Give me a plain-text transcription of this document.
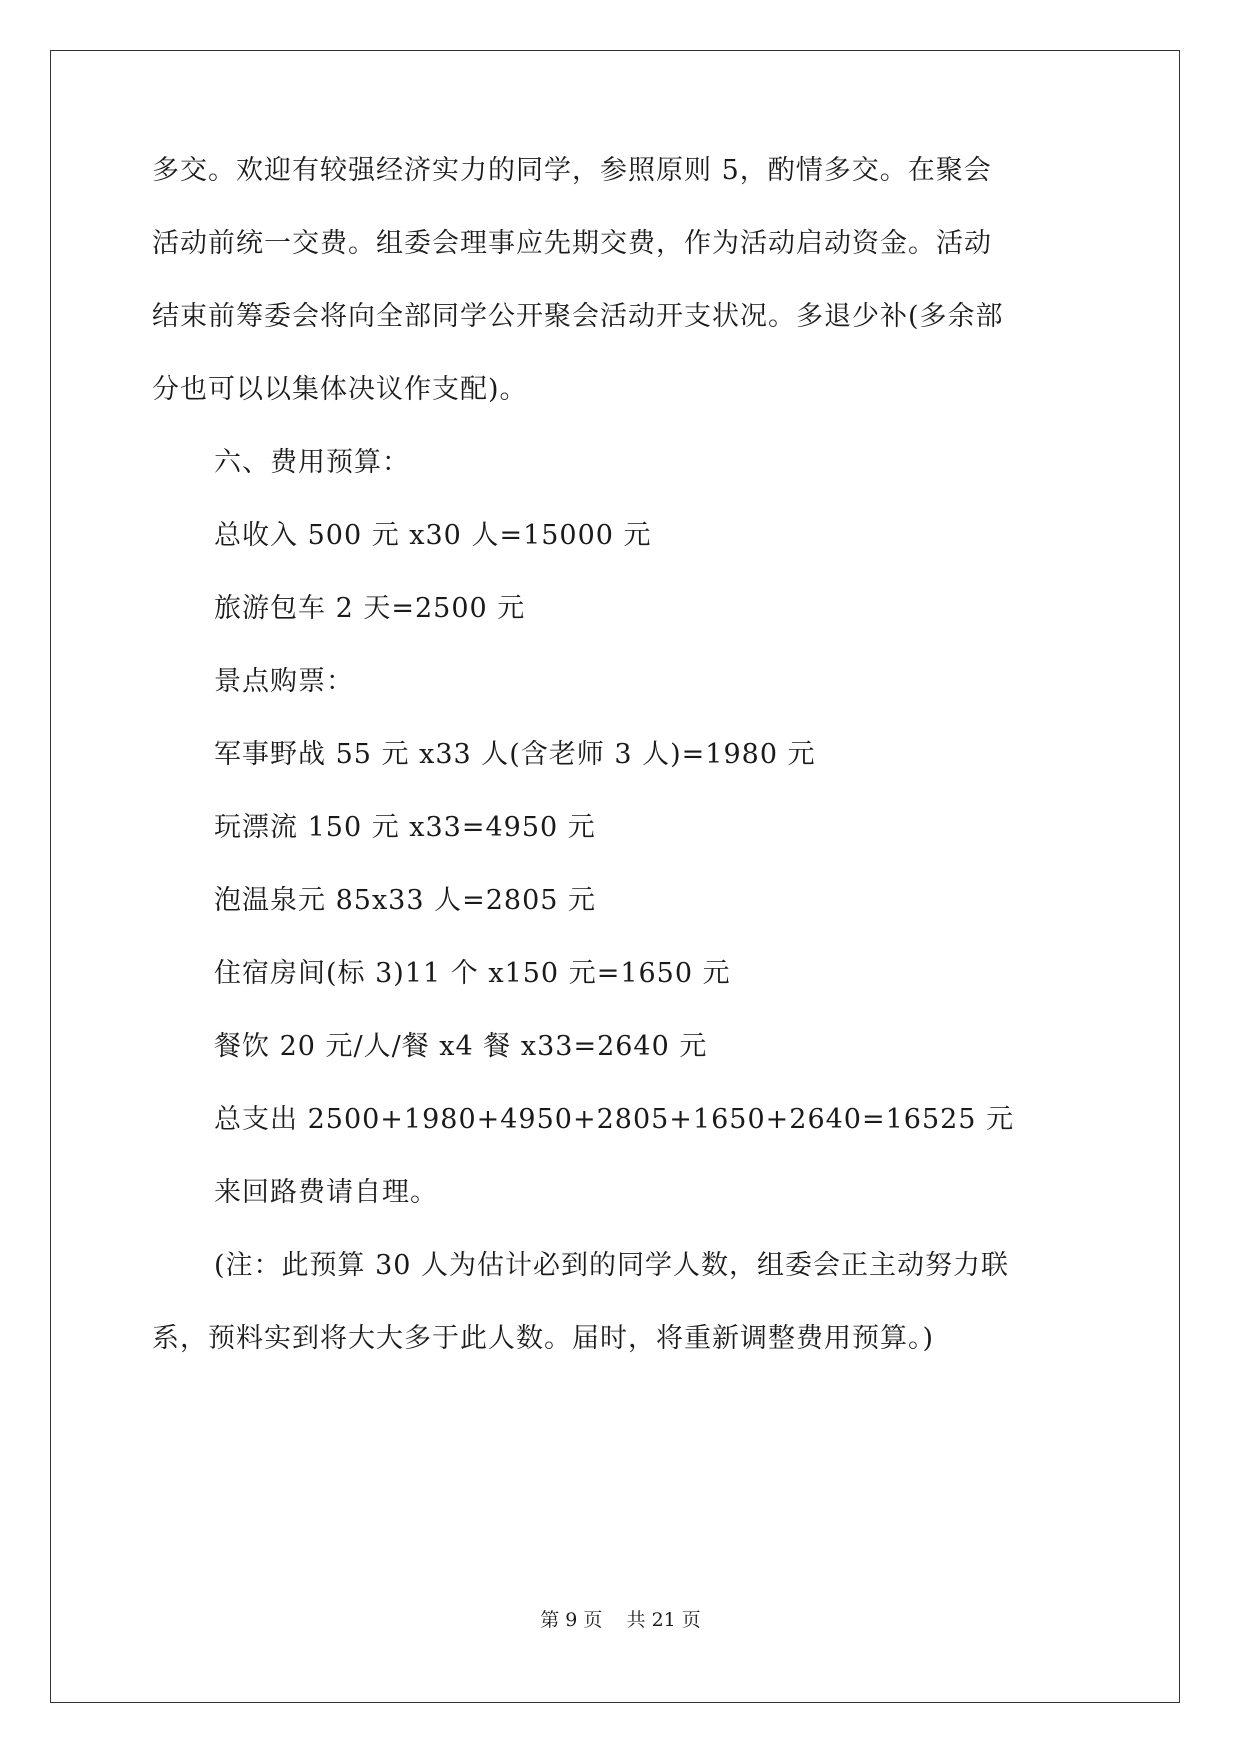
多交。欢迎有较强经济实力的同学，参照原则 5，酌情多交。在聚会
活动前统一交费。组委会理事应先期交费，作为活动启动资金。活动
结束前筹委会将向全部同学公开聚会活动开支状况。多退少补(多余部
分也可以以集体决议作支配)。
六、费用预算：
总收入 500 元 x30 人=15000 元
旅游包车 2 天=2500 元
景点购票：
军事野战 55 元 x33 人(含老师 3 人)=1980 元
玩漂流 150 元 x33=4950 元
泡温泉元 85x33 人=2805 元
住宿房间(标 3)11 个 x150 元=1650 元
餐饮 20 元/人/餐 x4 餐 x33=2640 元
总支出 2500+1980+4950+2805+1650+2640=16525 元
来回路费请自理。
(注：此预算 30 人为估计必到的同学人数，组委会正主动努力联
系，预料实到将大大多于此人数。届时，将重新调整费用预算。)
第 9 页    共 21 页
